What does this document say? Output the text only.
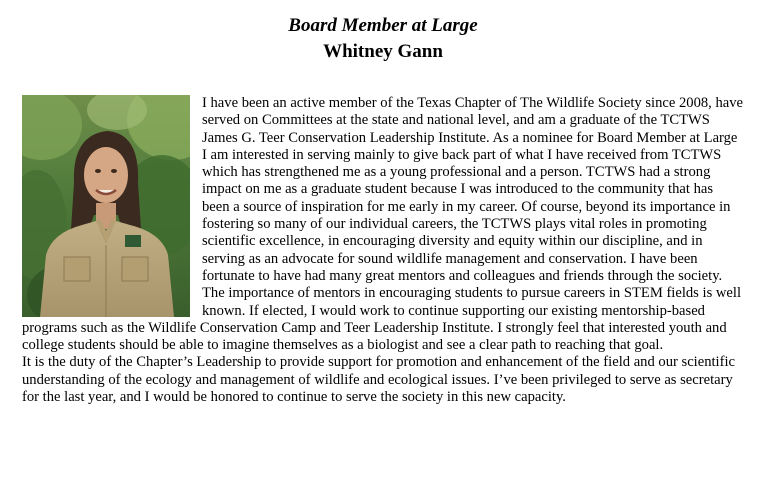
Board Member at Large
Whitney Gann

I have been an active member of the Texas Chapter of The Wildlife Society since 2008, have served on Committees at the state and national level, and am a graduate of the TCTWS James G. Teer Conservation Leadership Institute. As a nominee for Board Member at Large I am interested in serving mainly to give back part of what I have received from TCTWS which has strengthened me as a young professional and a person. TCTWS had a strong impact on me as a graduate student because I was introduced to the community that has been a source of inspiration for me early in my career. Of course, beyond its importance in fostering so many of our individual careers, the TCTWS plays vital roles in promoting scientific excellence, in encouraging diversity and equity within our discipline, and in serving as an advocate for sound wildlife management and conservation. I have been fortunate to have had many great mentors and colleagues and friends through the society. The importance of mentors in encouraging students to pursue careers in STEM fields is well known. If elected, I would work to continue supporting our existing mentorship-based programs such as the Wildlife Conservation Camp and Teer Leadership Institute. I strongly feel that interested youth and college students should be able to imagine themselves as a biologist and see a clear path to reaching that goal.

It is the duty of the Chapter’s Leadership to provide support for promotion and enhancement of the field and our scientific understanding of the ecology and management of wildlife and ecological issues. I’ve been privileged to serve as secretary for the last year, and I would be honored to continue to serve the society in this new capacity.
